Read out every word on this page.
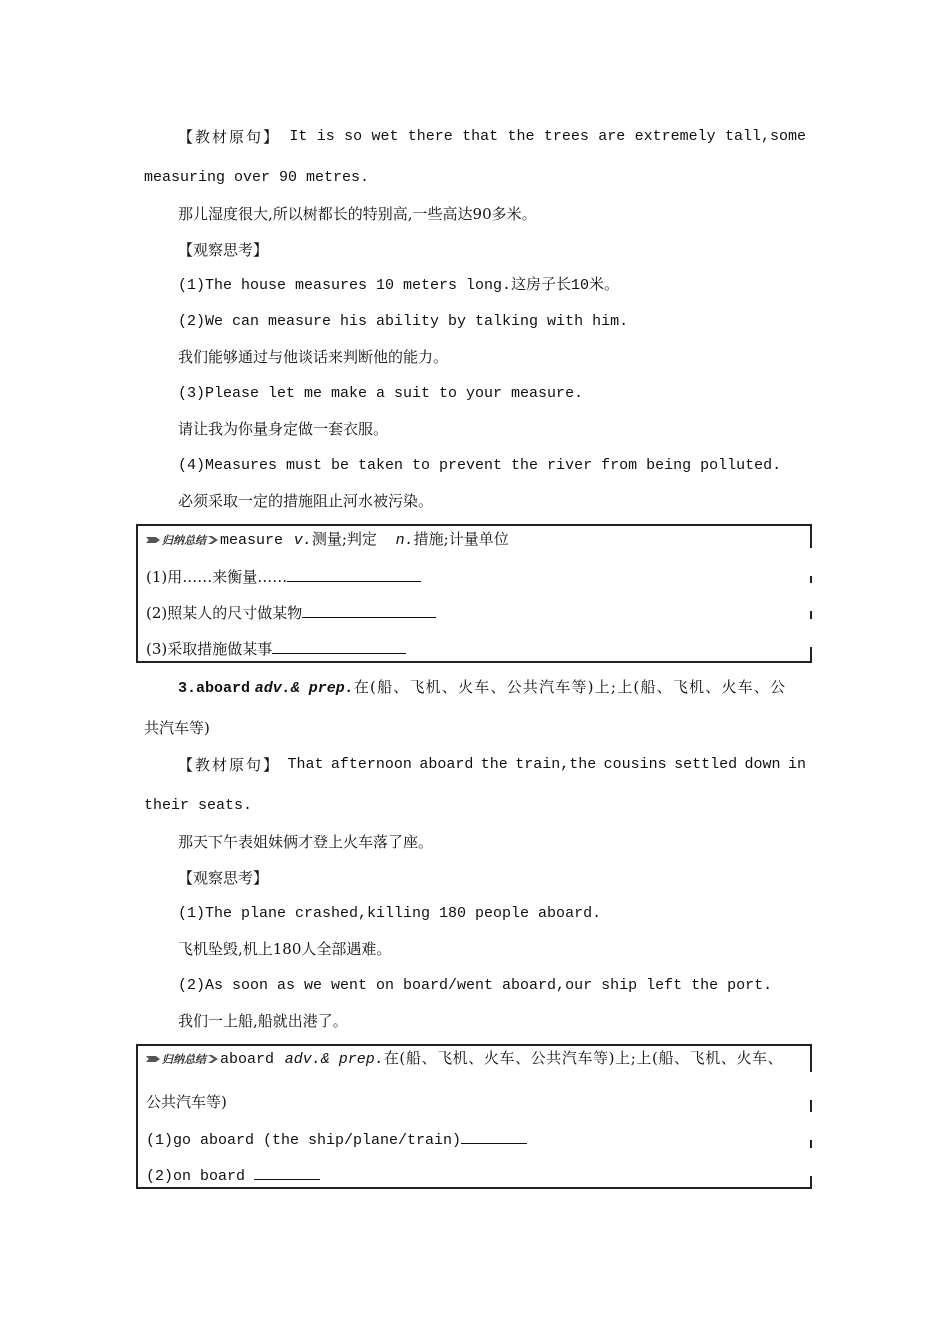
【教材原句】 It is so wet there that the trees are extremely tall,some
measuring over 90 metres.
那儿湿度很大,所以树都长的特别高,一些高达90多米。
【观察思考】
(1)The house measures 10 meters long.这房子长10米。
(2)We can measure his ability by talking with him.
我们能够通过与他谈话来判断他的能力。
(3)Please let me make a suit to your measure.
请让我为你量身定做一套衣服。
(4)Measures must be taken to prevent the river from being polluted.
必须采取一定的措施阻止河水被污染。
归纳总结 measure v.测量;判定 n.措施;计量单位
(1)用……来衡量……
(2)照某人的尺寸做某物
(3)采取措施做某事
3.aboard adv.& prep.在(船、飞机、火车、公共汽车等)上;上(船、飞机、火车、公
共汽车等)
【教材原句】 That afternoon aboard the train,the cousins settled down in
their seats.
那天下午表姐妹俩才登上火车落了座。
【观察思考】
(1)The plane crashed,killing 180 people aboard.
飞机坠毁,机上180人全部遇难。
(2)As soon as we went on board/went aboard,our ship left the port.
我们一上船,船就出港了。
归纳总结 aboard adv.& prep.在(船、飞机、火车、公共汽车等)上;上(船、飞机、火车、
公共汽车等)
(1)go aboard (the ship/plane/train)
(2)on board
